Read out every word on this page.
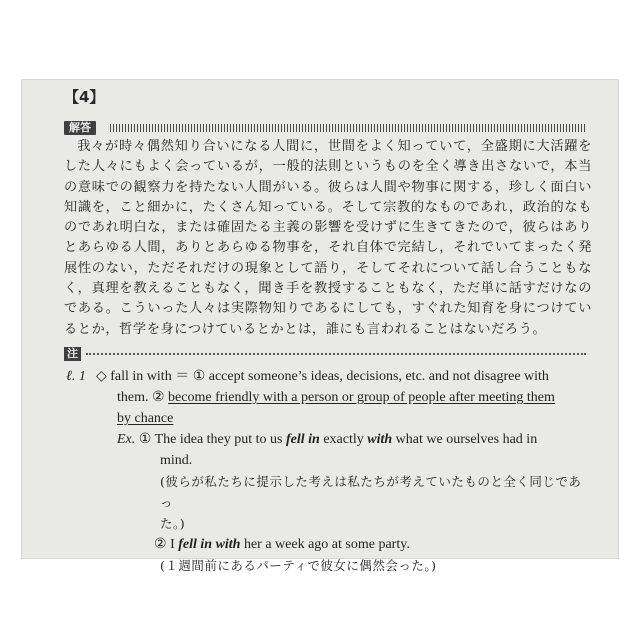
【4】
解答

我々が時々偶然知り合いになる人間に，世間をよく知っていて，全盛期に大活躍をした人々にもよく会っているが，一般的法則というものを全く導き出さないで，本当の意味での観察力を持たない人間がいる。彼らは人間や物事に関する，珍しく面白い知識を，こと細かに，たくさん知っている。そして宗教的なものであれ，政治的なものであれ明白な，または確固たる主義の影響を受けずに生きてきたので，彼らはありとあらゆる人間，ありとあらゆる物事を，それ自体で完結し，それでいてまったく発展性のない，ただそれだけの現象として語り，そしてそれについて話し合うこともなく，真理を教えることもなく，聞き手を教授することもなく，ただ単に話すだけなのである。こういった人々は実際物知りであるにしても，すぐれた知育を身につけているとか，哲学を身につけているとかとは，誰にも言われることはないだろう。

注
ℓ. 1 ◇ fall in with ＝ ① accept someone’s ideas, decisions, etc. and not disagree with
them. ② become friendly with a person or group of people after meeting them
by chance
Ex. ① The idea they put to us fell in exactly with what we ourselves had in
mind.
(彼らが私たちに提示した考えは私たちが考えていたものと全く同じであっ
た。)
② I fell in with her a week ago at some party.
(１週間前にあるパーティで彼女に偶然会った。)
